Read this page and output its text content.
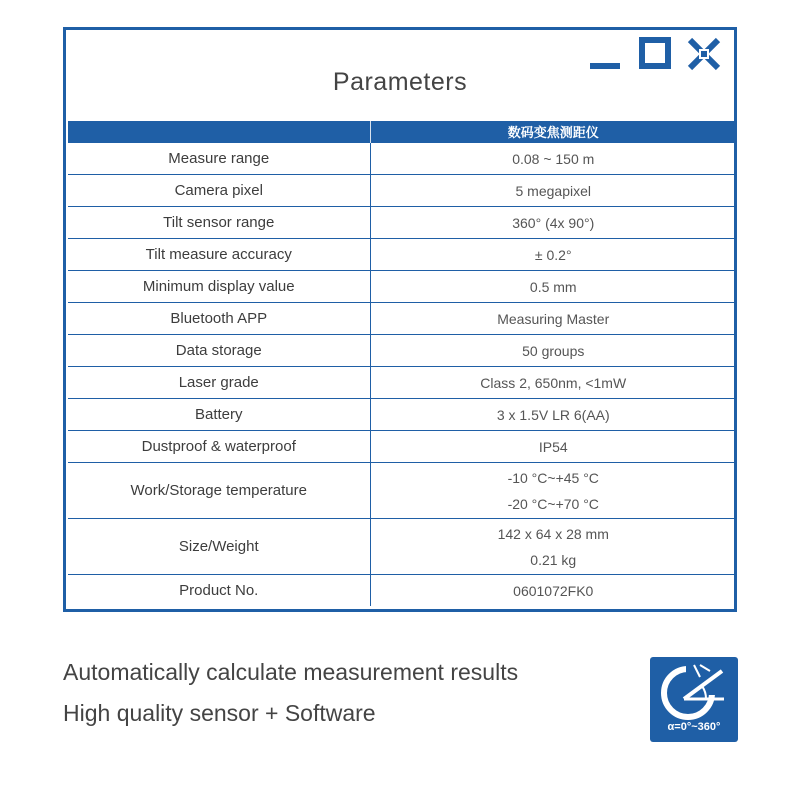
Parameters
	数码变焦测距仪
Measure range	0.08 ~ 150 m

Camera pixel	5 megapixel

Tilt sensor range	360° (4x 90°)

Tilt measure accuracy	± 0.2°

Minimum display value	0.5 mm

Bluetooth APP	Measuring Master

Data storage	50 groups

Laser grade	Class 2, 650nm, <1mW

Battery	3 x 1.5V LR 6(AA)

Dustproof & waterproof	IP54

Work/Storage temperature	-10 °C~+45 °C
-20 °C~+70 °C

Size/Weight	142 x 64 x 28 mm
0.21 kg

Product No.	0601072FK0
Automatically calculate measurement results
High quality sensor + Software
α=0°~360°
